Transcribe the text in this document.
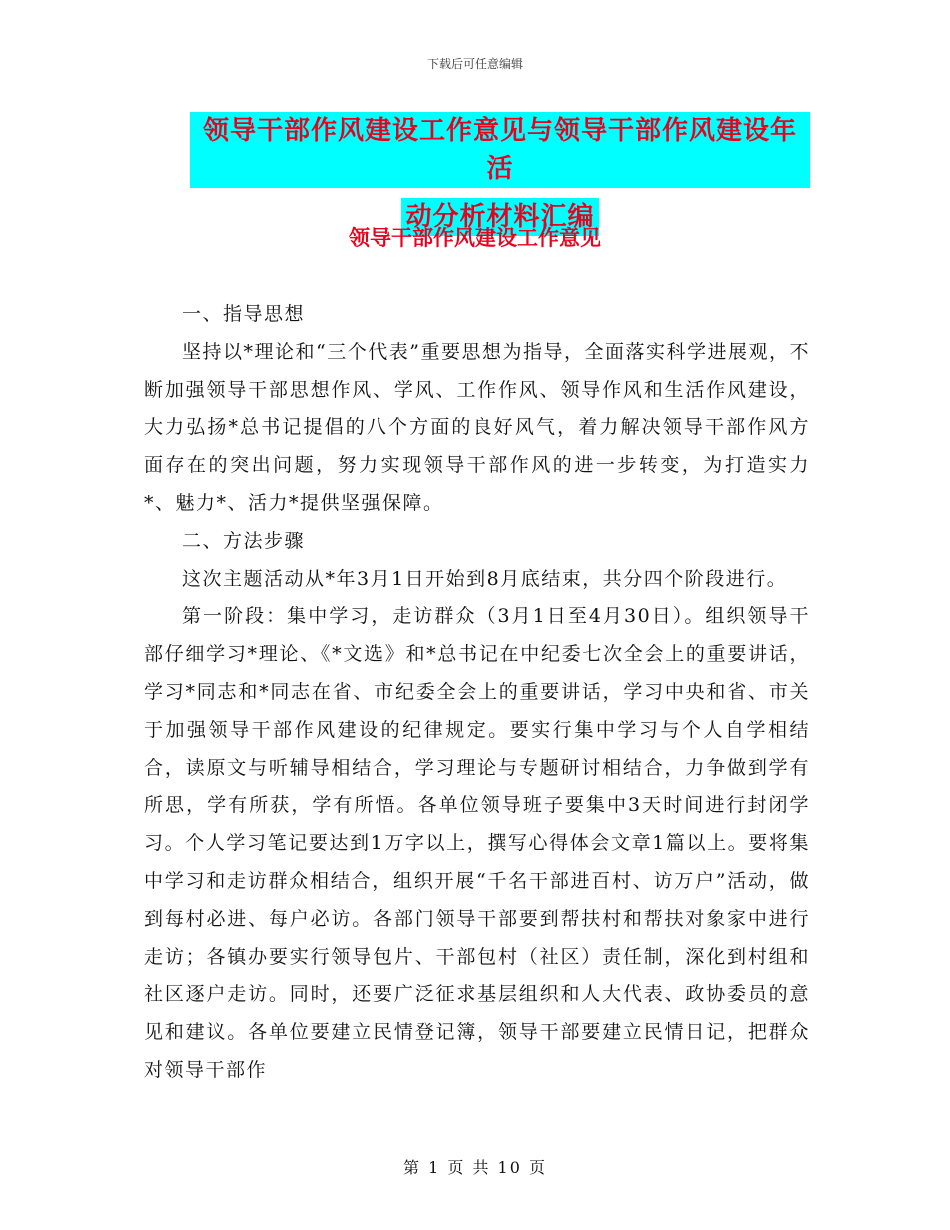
下载后可任意编辑
领导干部作风建设工作意见与领导干部作风建设年活
动分析材料汇编
领导干部作风建设工作意见

一、指导思想

坚持以*理论和“三个代表”重要思想为指导，全面落实科学进展观，不断加强领导干部思想作风、学风、工作作风、领导作风和生活作风建设，大力弘扬*总书记提倡的八个方面的良好风气，着力解决领导干部作风方面存在的突出问题，努力实现领导干部作风的进一步转变，为打造实力*、魅力*、活力*提供坚强保障。

二、方法步骤

这次主题活动从*年3月1日开始到8月底结束，共分四个阶段进行。

第一阶段：集中学习，走访群众（3月1日至4月30日）。组织领导干部仔细学习*理论、《*文选》和*总书记在中纪委七次全会上的重要讲话，学习*同志和*同志在省、市纪委全会上的重要讲话，学习中央和省、市关于加强领导干部作风建设的纪律规定。要实行集中学习与个人自学相结合，读原文与听辅导相结合，学习理论与专题研讨相结合，力争做到学有所思，学有所获，学有所悟。各单位领导班子要集中3天时间进行封闭学习。个人学习笔记要达到1万字以上，撰写心得体会文章1篇以上。要将集中学习和走访群众相结合，组织开展“千名干部进百村、访万户”活动，做到每村必进、每户必访。各部门领导干部要到帮扶村和帮扶对象家中进行走访；各镇办要实行领导包片、干部包村（社区）责任制，深化到村组和社区逐户走访。同时，还要广泛征求基层组织和人大代表、政协委员的意见和建议。各单位要建立民情登记簿，领导干部要建立民情日记，把群众对领导干部作

第 1 页 共 10 页
